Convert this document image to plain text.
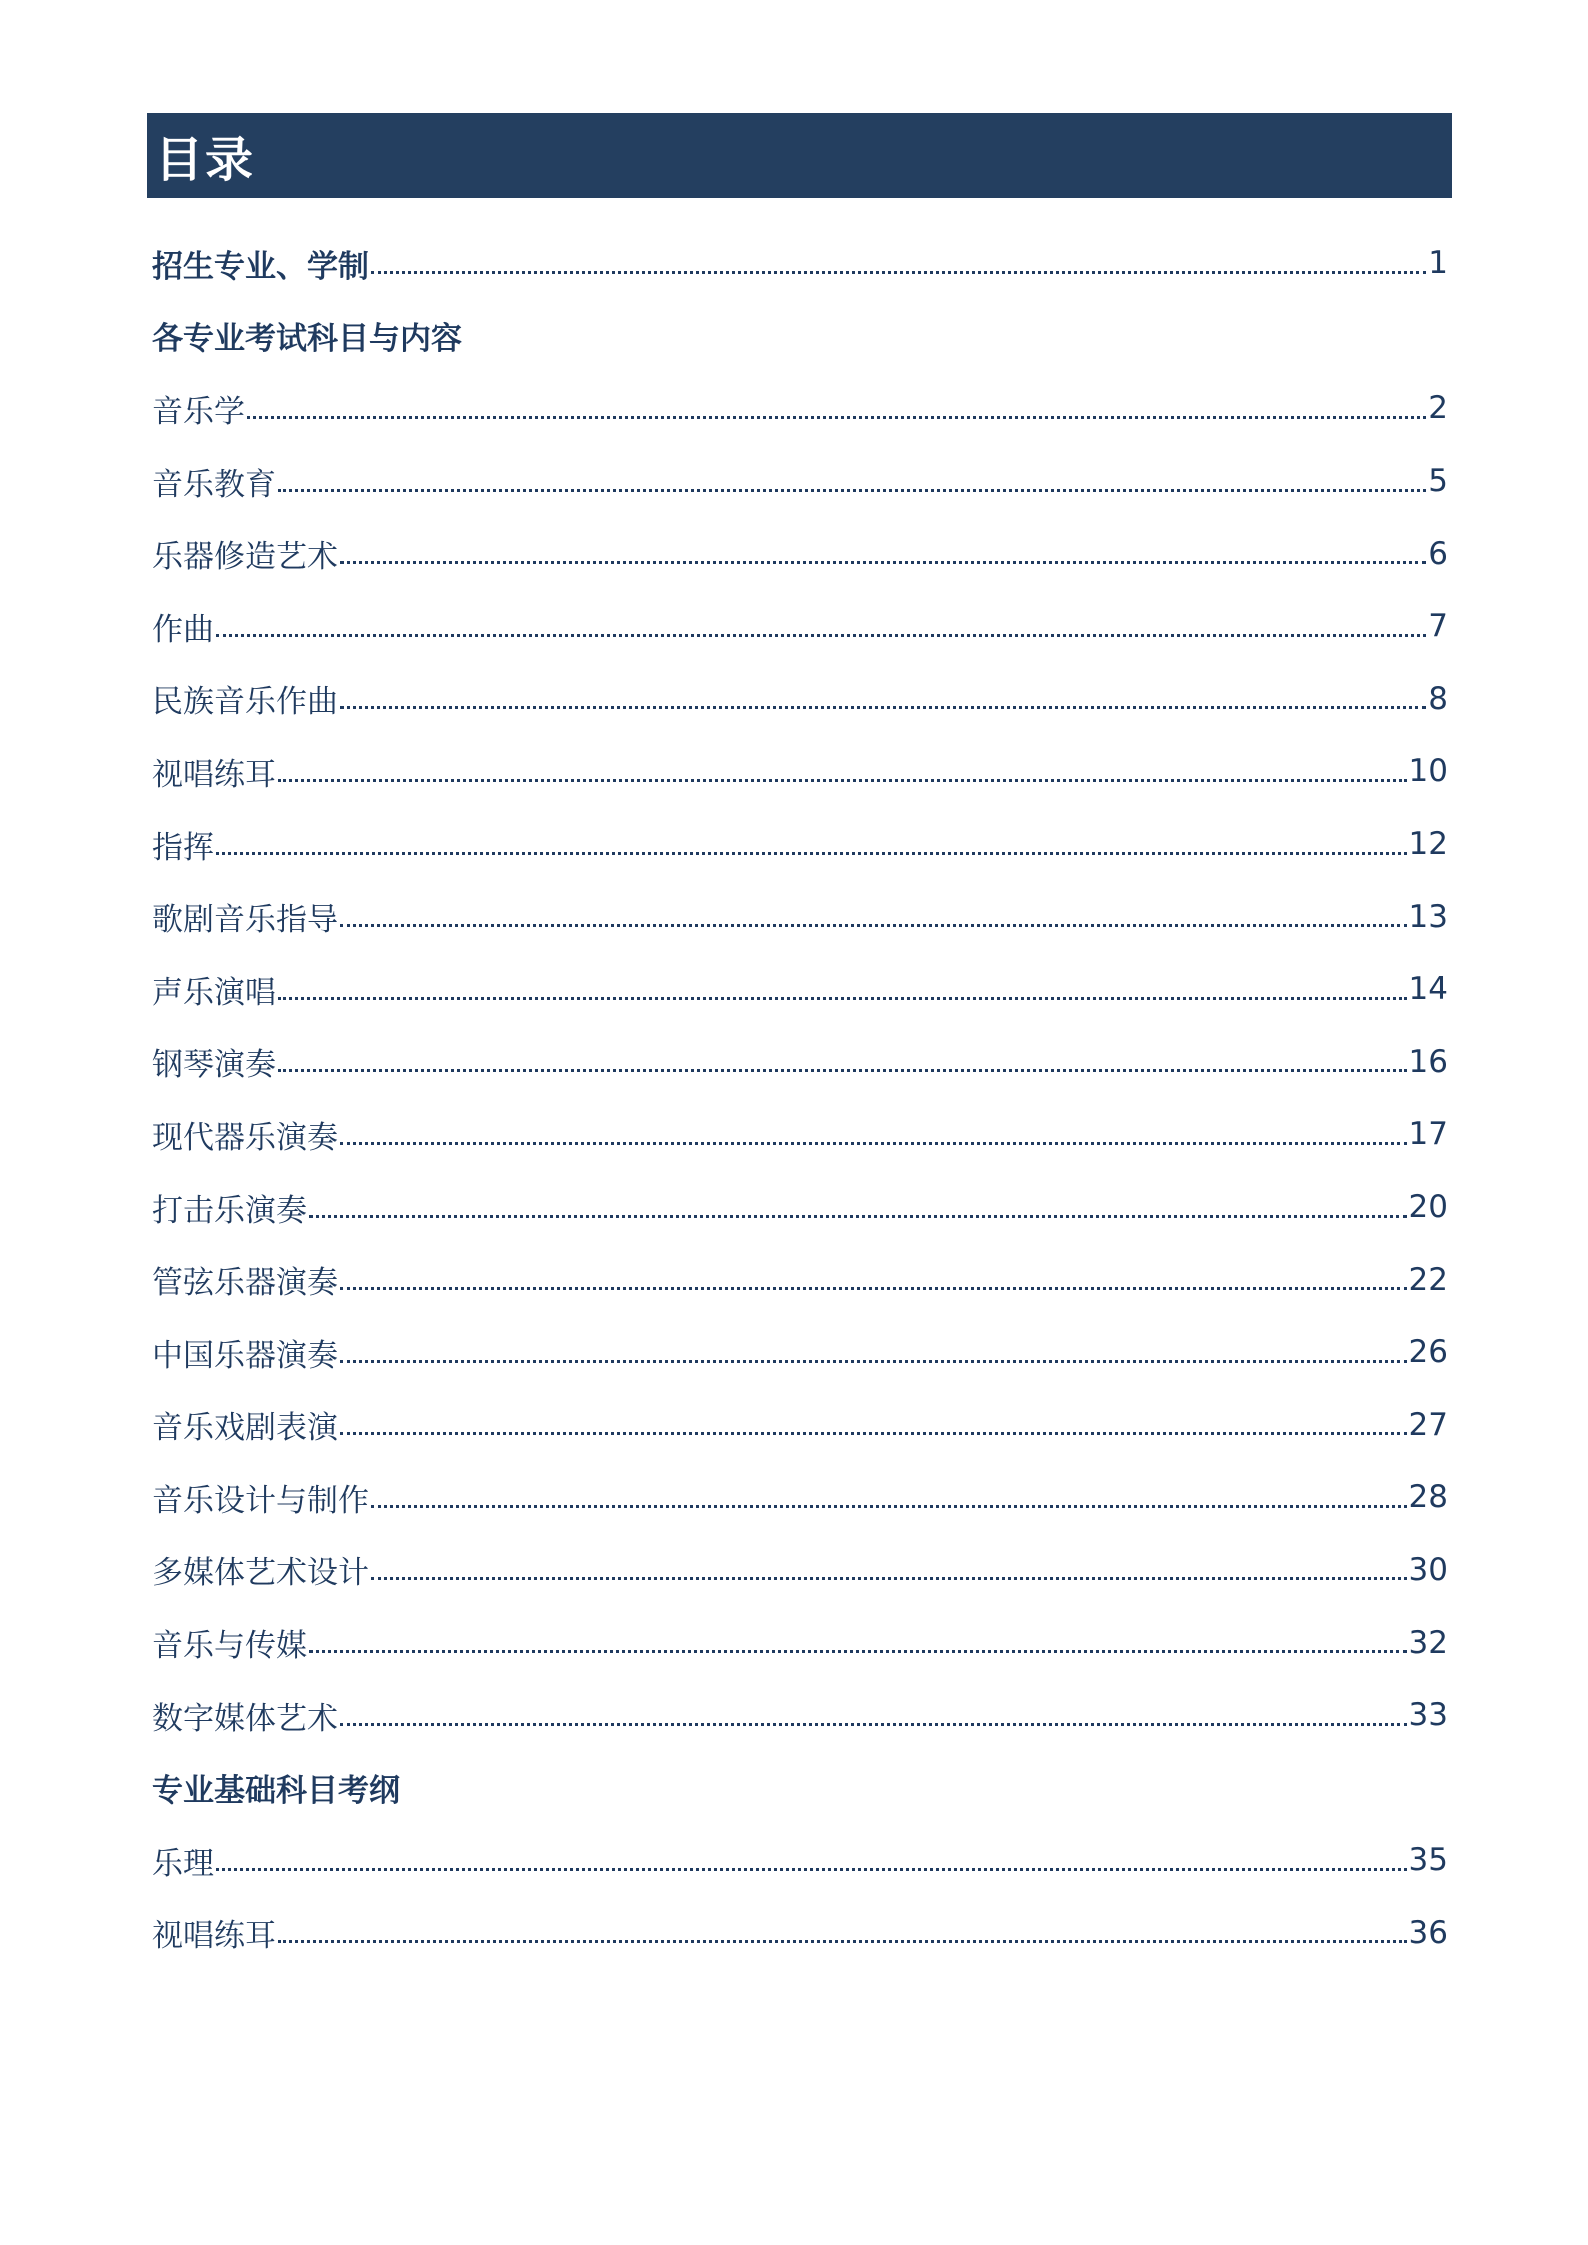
目录
招生专业、学制	1
各专业考试科目与内容
音乐学	2
音乐教育	5
乐器修造艺术	6
作曲	7
民族音乐作曲	8
视唱练耳	10
指挥	12
歌剧音乐指导	13
声乐演唱	14
钢琴演奏	16
现代器乐演奏	17
打击乐演奏	20
管弦乐器演奏	22
中国乐器演奏	26
音乐戏剧表演	27
音乐设计与制作	28
多媒体艺术设计	30
音乐与传媒	32
数字媒体艺术	33
专业基础科目考纲
乐理	35
视唱练耳	36
